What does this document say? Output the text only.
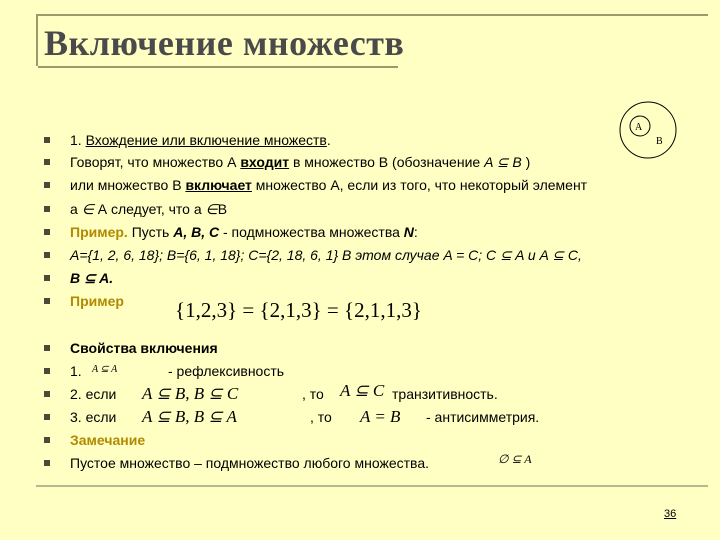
Включение множеств
A
B
1. Вхождение или включение множеств.
Говорят, что множество А входит в множество В (обозначение A ⊆ B )
или множество В включает множество А, если из того, что некоторый элемент
a ∈ А следует, что а ∈В
Пример. Пусть A, B, C - подмножества множества N:
A={1, 2, 6, 18}; B={6, 1, 18}; C={2, 18, 6, 1} В этом случае A = C; C ⊆ A и A ⊆ C,
B ⊆ A.
Пример {1,2,3} = {2,1,3} = {2,1,1,3}
Свойства включения
1. A ⊆ A	- рефлексивность
2. если A ⊆ B, B ⊆ C	, то A ⊆ C транзитивность.
3. если A ⊆ B, B ⊆ A	, то A = B - антисимметрия.
Замечание
Пустое множество – подмножество любого множества.	∅ ⊆ A
36
